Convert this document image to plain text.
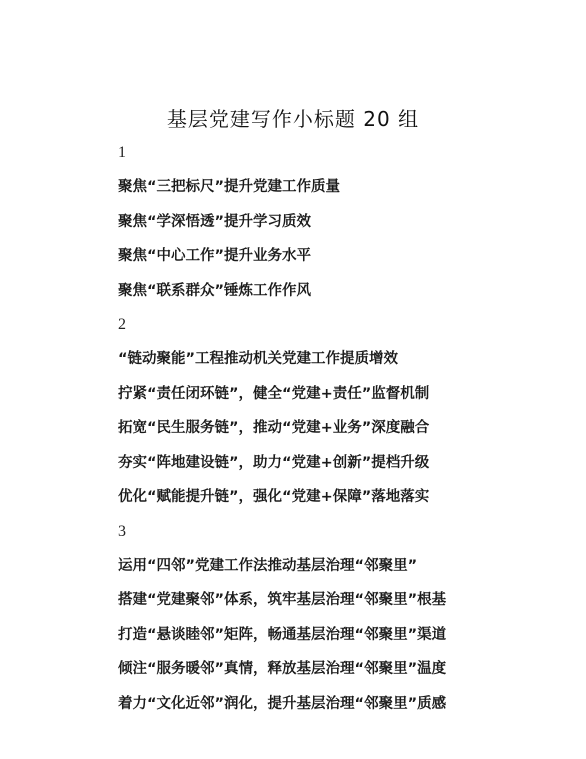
基层党建写作小标题 20 组
1
聚焦“三把标尺”提升党建工作质量
聚焦“学深悟透”提升学习质效
聚焦“中心工作”提升业务水平
聚焦“联系群众”锤炼工作作风
2
“链动聚能”工程推动机关党建工作提质增效
拧紧“责任闭环链”，健全“党建+责任”监督机制
拓宽“民生服务链”，推动“党建+业务”深度融合
夯实“阵地建设链”，助力“党建+创新”提档升级
优化“赋能提升链”，强化“党建+保障”落地落实
3
运用“四邻”党建工作法推动基层治理“邻聚里”
搭建“党建聚邻”体系，筑牢基层治理“邻聚里”根基
打造“悬谈睦邻”矩阵，畅通基层治理“邻聚里”渠道
倾注“服务暖邻”真情，释放基层治理“邻聚里”温度
着力“文化近邻”润化，提升基层治理“邻聚里”质感
